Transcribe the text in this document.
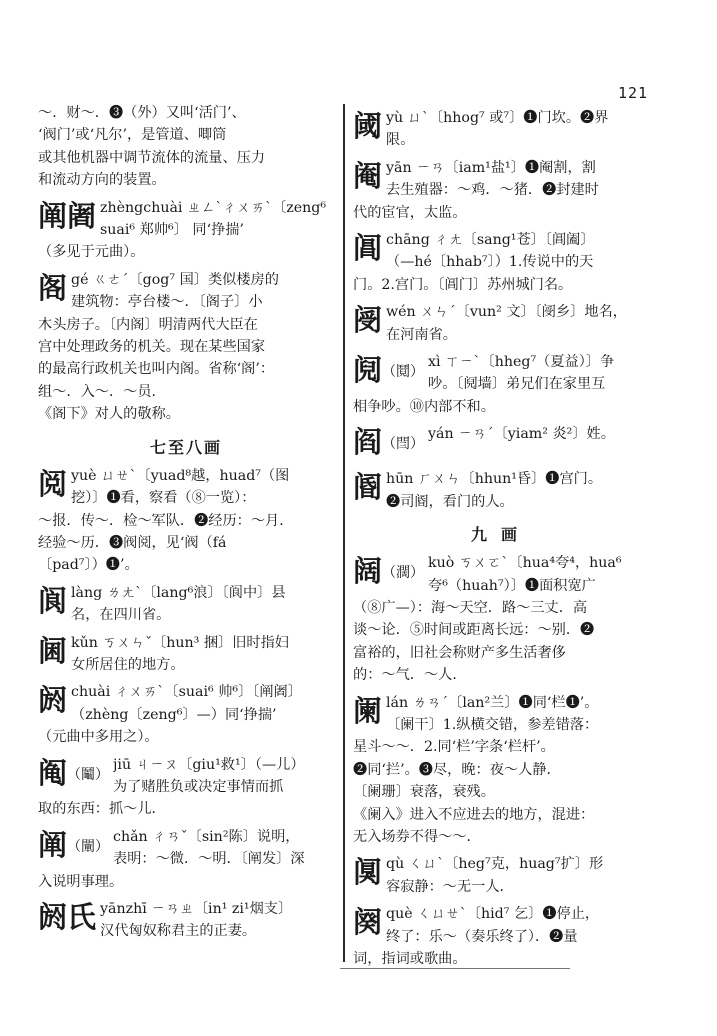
121
～．财～．❸（外）又叫‘活门’、
‘阀门’或‘凡尔’，是管道、唧筒
或其他机器中调节流体的流量、压力
和流动方向的装置。
阐阇 zhèngchuài ㄓㄥˋㄔㄨㄞˋ〔zeng⁶
suai⁶ 郑帅⁶〕 同‘挣揣’
（多见于元曲）。
阁 gé ㄍㄜˊ〔gog⁷ 国〕类似楼房的
建筑物：亭台楼～．〔阁子〕小
木头房子。〔内阁〕明清两代大臣在
宫中处理政务的机关。现在某些国家
的最高行政机关也叫内阁。省称‘阁’：
组～．入～．～员．
《阁下》对人的敬称。
七至八画
阅 yuè ㄩㄝˋ〔yuad⁸越，huad⁷（图
挖）〕❶看，察看（⑧一览）：
～报．传～．检～军队．❷经历：～月．
经验～历．❸阀阅，见‘阀（fá
〔pad⁷〕）❶’。
阆 làng ㄌㄤˋ〔lang⁶浪〕〔阆中〕县
名，在四川省。
阃 kǔn ㄎㄨㄣˇ〔hun³ 捆〕旧时指妇
女所居住的地方。
阏 chuài ㄔㄨㄞˋ〔suai⁶ 帅⁶〕〔阐阇〕
（zhèng〔zeng⁶〕—）同‘挣揣’
（元曲中多用之）。
阄（鬮）
jiū ㄐㄧㄡ〔giu¹救¹〕（—儿）
为了赌胜负或决定事情而抓
取的东西：抓～儿．
阐（闡）
chǎn ㄔㄢˇ〔sin²陈〕说明，
表明：～微．～明．〔阐发〕深
入说明事理。
阏氏 yānzhī ㄧㄢㄓ〔in¹ zi¹烟支〕
汉代匈奴称君主的正妻。
阈 yù ㄩˋ〔hhog⁷ 或⁷〕❶门坎。❷界
限。
阉 yān ㄧㄢ〔iam¹盐¹〕❶阉割，割
去生殖器：～鸡．～猪．❷封建时
代的宦官，太监。
阊 chāng ㄔㄤ〔sang¹苍〕〔阊阖〕
（—hé〔hhab⁷〕）1.传说中的天
门。2.宫门。〔阊门〕苏州城门名。
阌 wén ㄨㄣˊ〔vun² 文〕〔阌乡〕地名，
在河南省。
阋（鬩）
xì ㄒㄧˋ〔hheg⁷（夏益）〕争
吵。〔阋墙〕弟兄们在家里互
相争吵。⑩内部不和。
阎（閆）
yán ㄧㄢˊ〔yiam² 炎²〕姓。
阍 hūn ㄏㄨㄣ〔hhun¹昏〕❶宫门。
❷司阍，看门的人。
九画
阔（濶）
kuò ㄎㄨㄛˋ〔hua⁴夸⁴，hua⁶
夸⁶（huah⁷）〕❶面积宽广
（⑧广—）：海～天空．路～三丈．高
谈～论．⑤时间或距离长远：～别．❷
富裕的，旧社会称财产多生活奢侈
的：～气．～人．
阑 lán ㄌㄢˊ〔lan²兰〕❶同‘栏❶’。
〔阑干〕1.纵横交错，参差错落：
星斗～～．2.同‘栏’字条‘栏杆’。
❷同‘拦’。❸尽，晚：夜～人静．
〔阑珊〕衰落，衰残。
《阑入》进入不应进去的地方，混进：
无入场券不得～～．
阒 qù ㄑㄩˋ〔heg⁷克，huag⁷扩〕形
容寂静：～无一人．
阕 què ㄑㄩㄝˋ〔hid⁷ 乞〕❶停止，
终了：乐～（奏乐终了）．❷量
词，指词或歌曲。
